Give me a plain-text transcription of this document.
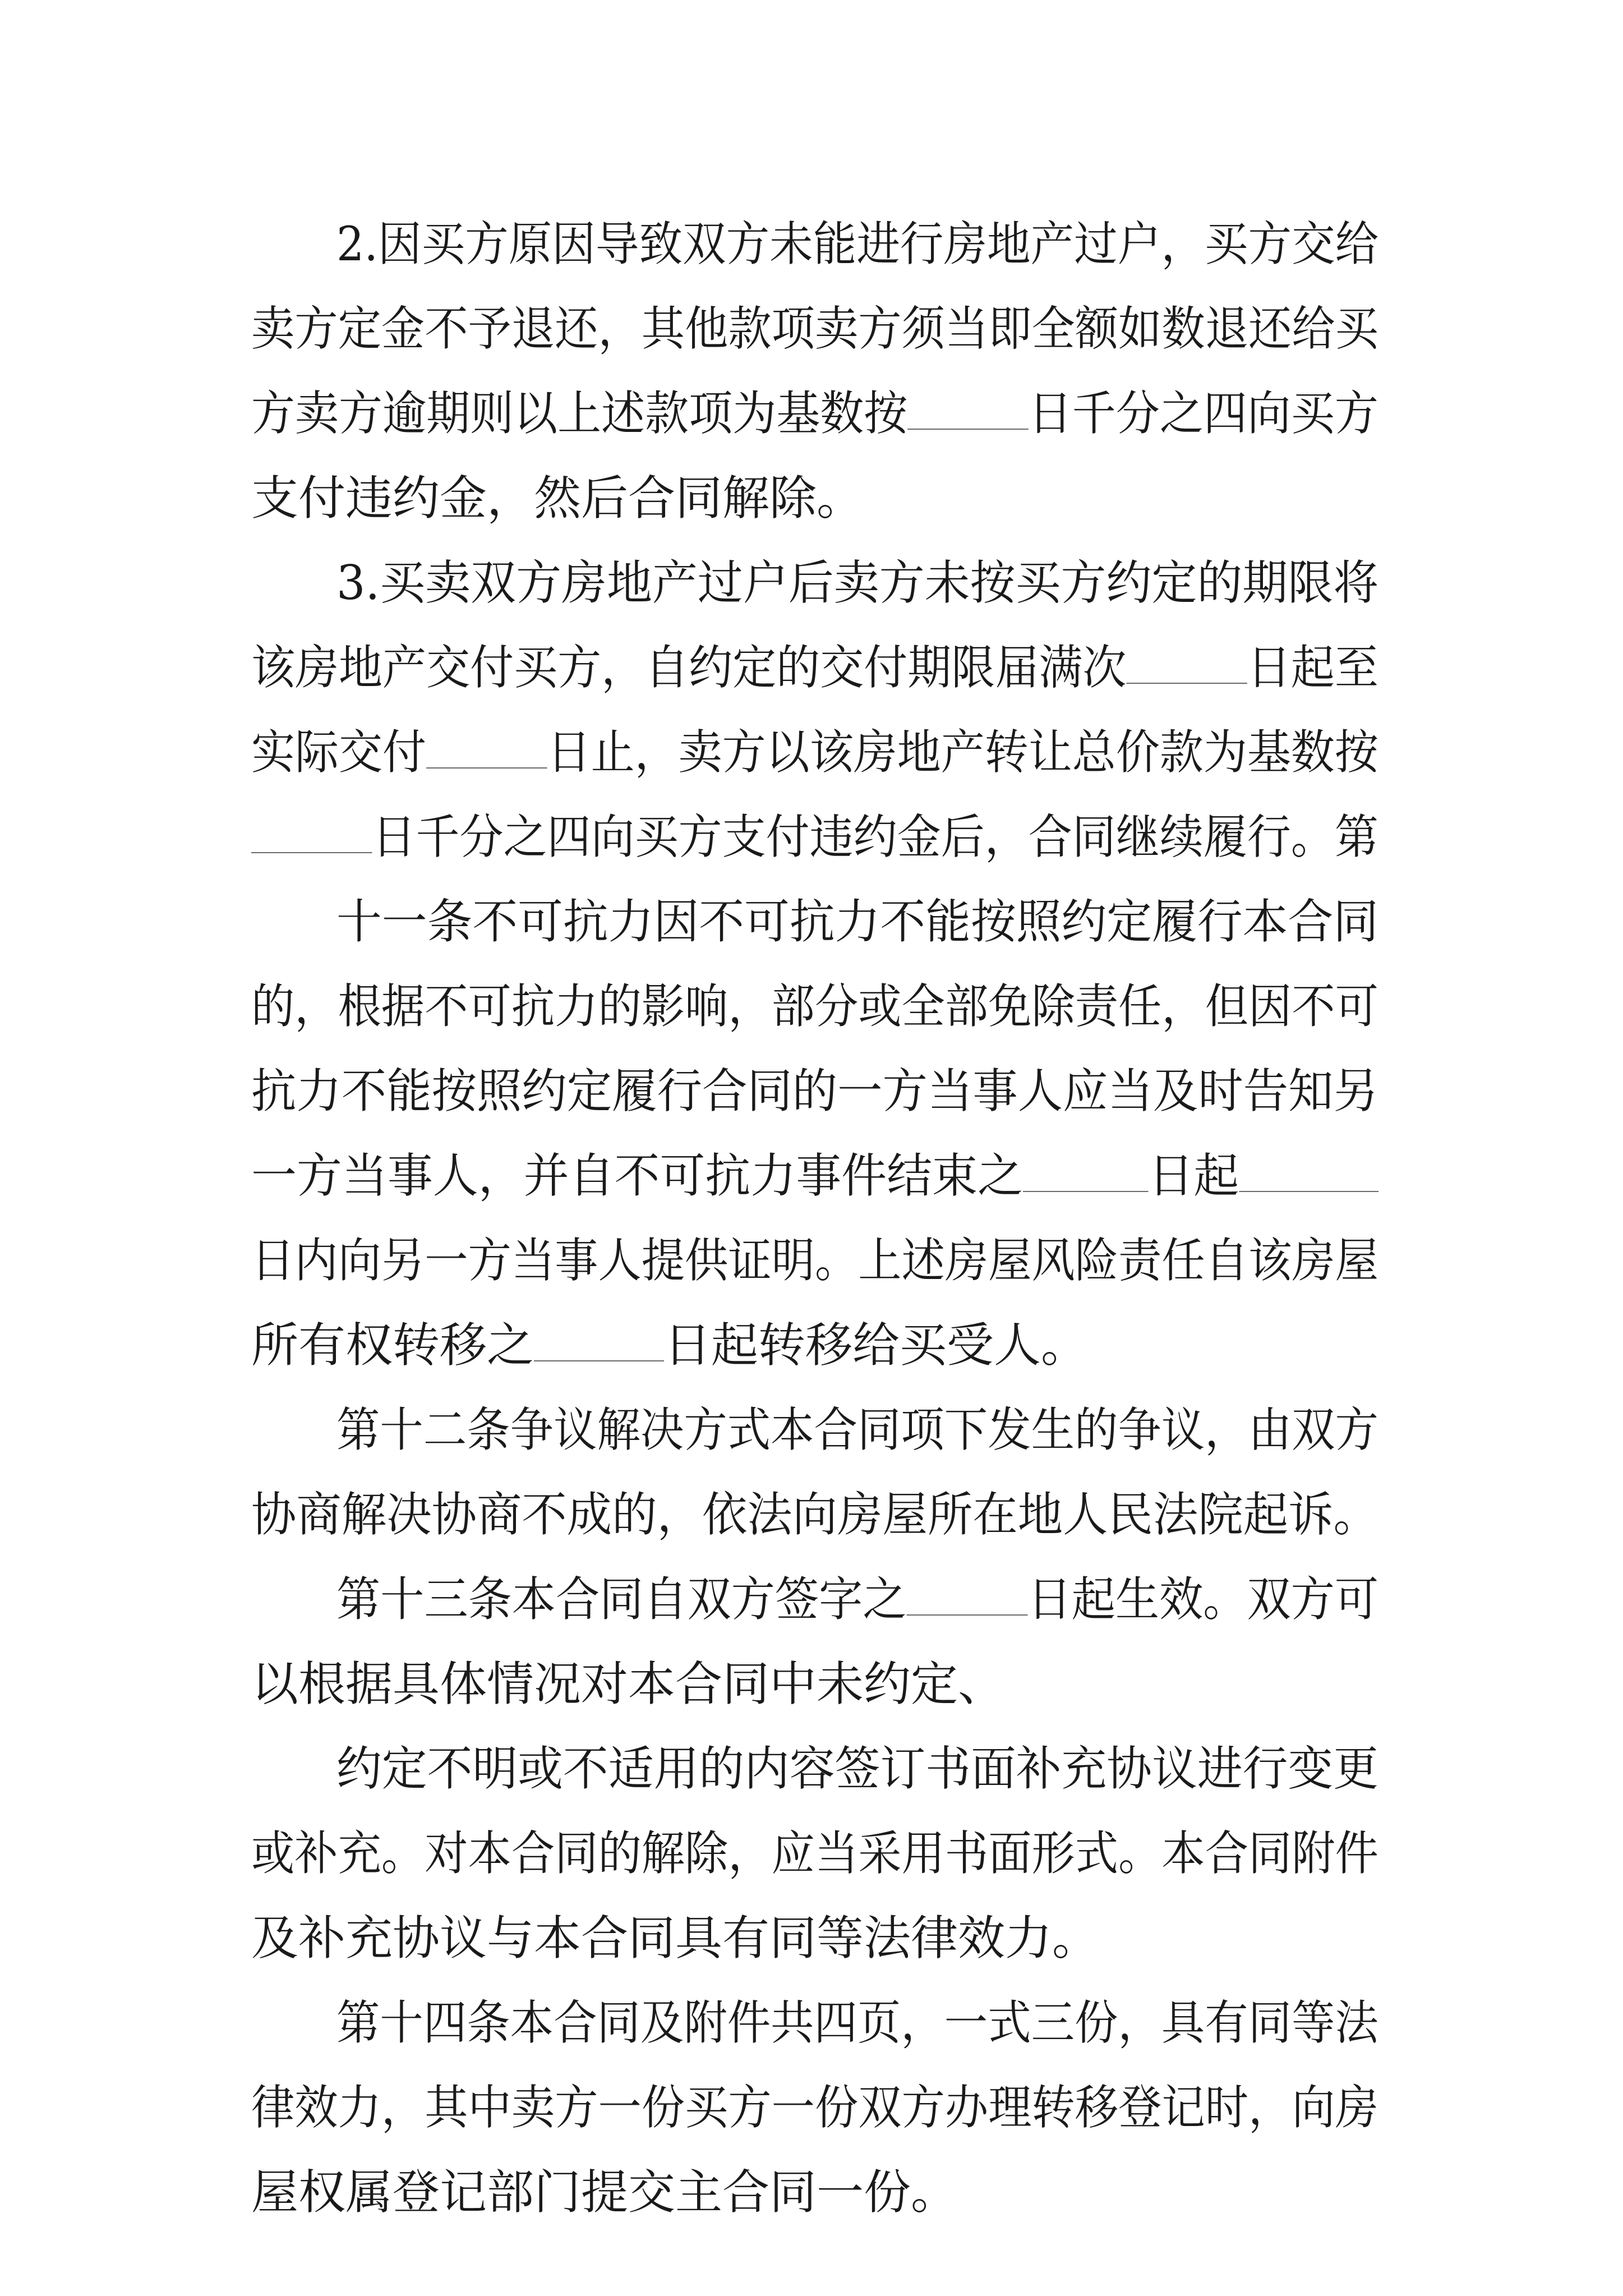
2.因买方原因导致双方未能进行房地产过户，买方交给
卖方定金不予退还，其他款项卖方须当即全额如数退还给买
方卖方逾期则以上述款项为基数按	日千分之四向买方
支付违约金，然后合同解除。
3.买卖双方房地产过户后卖方未按买方约定的期限将
该房地产交付买方，自约定的交付期限届满次	日起至
实际交付	日止，卖方以该房地产转让总价款为基数按
日千分之四向买方支付违约金后，合同继续履行。第
十一条不可抗力因不可抗力不能按照约定履行本合同
的，根据不可抗力的影响，部分或全部免除责任，但因不可
抗力不能按照约定履行合同的一方当事人应当及时告知另
一方当事人，并自不可抗力事件结束之	日起
日内向另一方当事人提供证明。上述房屋风险责任自该房屋
所有权转移之	日起转移给买受人。
第十二条争议解决方式本合同项下发生的争议，由双方
协商解决协商不成的，依法向房屋所在地人民法院起诉。
第十三条本合同自双方签字之	日起生效。双方可
以根据具体情况对本合同中未约定、
约定不明或不适用的内容签订书面补充协议进行变更
或补充。对本合同的解除，应当采用书面形式。本合同附件
及补充协议与本合同具有同等法律效力。
第十四条本合同及附件共四页，一式三份，具有同等法
律效力，其中卖方一份买方一份双方办理转移登记时，向房
屋权属登记部门提交主合同一份。
